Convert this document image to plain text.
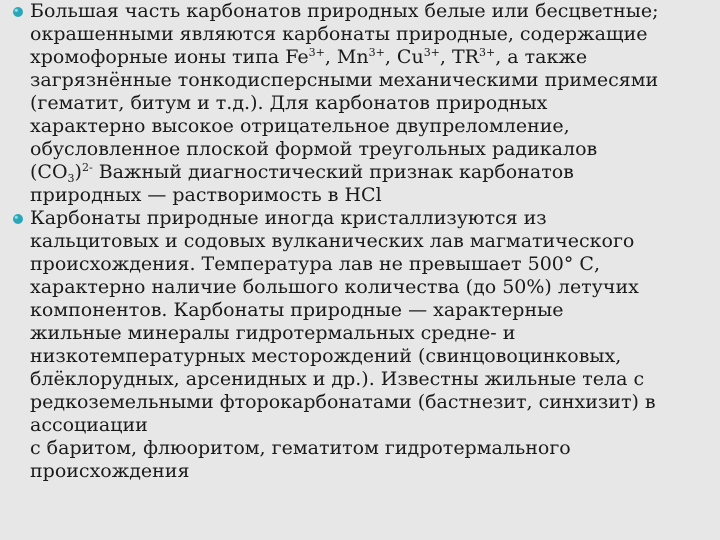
Большая часть карбонатов природных белые или бесцветные;
окрашенными являются карбонаты природные, содержащие
хромофорные ионы типа $Fe^{3+}$, $Mn^{3+}$, $Cu^{3+}$, $TR^{3+}$, а также
загрязнённые тонкодисперсными механическими примесями
(гематит, битум и т.д.). Для карбонатов природных
характерно высокое отрицательное двупреломление,
обусловленное плоской формой треугольных радикалов
$(CO_3)^{2-}$ Важный диагностический признак карбонатов
природных — растворимость в HCl
Карбонаты природные иногда кристаллизуются из
кальцитовых и содовых вулканических лав магматического
происхождения. Температура лав не превышает 500° С,
характерно наличие большого количества (до 50%) летучих
компонентов. Карбонаты природные — характерные
жильные минералы гидротермальных средне- и
низкотемпературных месторождений (свинцовоцинковых,
блёклорудных, арсенидных и др.). Известны жильные тела с
редкоземельными фторокарбонатами (бастнезит, синхизит) в
ассоциации
с баритом, флюоритом, гематитом гидротермального
происхождения
